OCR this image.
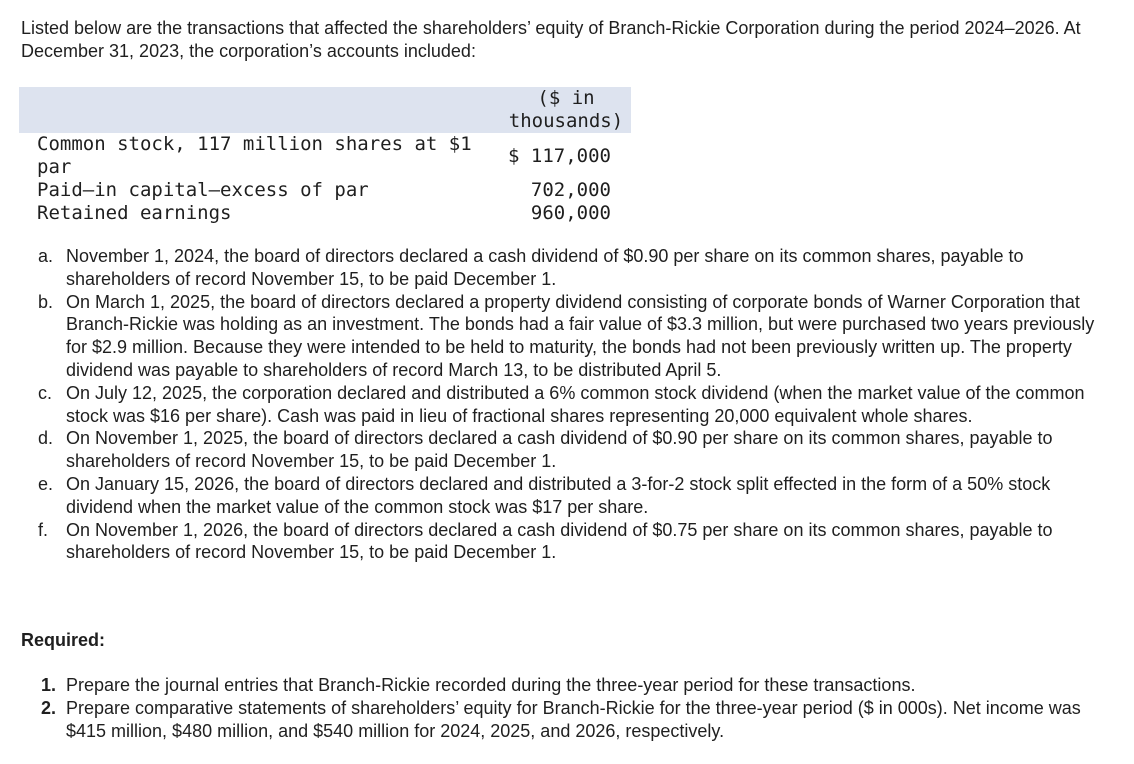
Listed below are the transactions that affected the shareholders’ equity of Branch-Rickie Corporation during the period 2024–2026. At December 31, 2023, the corporation’s accounts included:
	($ in thousands)
Common stock, 117 million shares at $1 par	$ 117,000
Paid–in capital—excess of par	702,000
Retained earnings	960,000
a. November 1, 2024, the board of directors declared a cash dividend of $0.90 per share on its common shares, payable to shareholders of record November 15, to be paid December 1.
b. On March 1, 2025, the board of directors declared a property dividend consisting of corporate bonds of Warner Corporation that Branch-Rickie was holding as an investment. The bonds had a fair value of $3.3 million, but were purchased two years previously for $2.9 million. Because they were intended to be held to maturity, the bonds had not been previously written up. The property dividend was payable to shareholders of record March 13, to be distributed April 5.
c. On July 12, 2025, the corporation declared and distributed a 6% common stock dividend (when the market value of the common stock was $16 per share). Cash was paid in lieu of fractional shares representing 20,000 equivalent whole shares.
d. On November 1, 2025, the board of directors declared a cash dividend of $0.90 per share on its common shares, payable to shareholders of record November 15, to be paid December 1.
e. On January 15, 2026, the board of directors declared and distributed a 3-for-2 stock split effected in the form of a 50% stock dividend when the market value of the common stock was $17 per share.
f. On November 1, 2026, the board of directors declared a cash dividend of $0.75 per share on its common shares, payable to shareholders of record November 15, to be paid December 1.
Required:
1. Prepare the journal entries that Branch-Rickie recorded during the three-year period for these transactions.
2. Prepare comparative statements of shareholders’ equity for Branch-Rickie for the three-year period ($ in 000s). Net income was $415 million, $480 million, and $540 million for 2024, 2025, and 2026, respectively.
